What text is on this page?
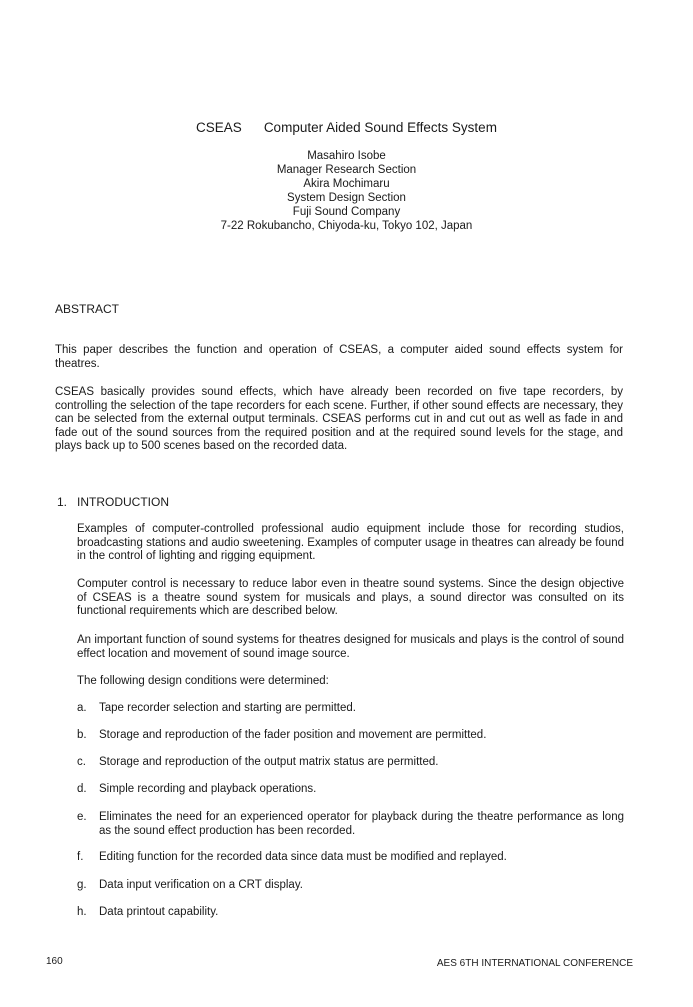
CSEAS Computer Aided Sound Effects System
Masahiro Isobe
Manager Research Section
Akira Mochimaru
System Design Section
Fuji Sound Company
7-22 Rokubancho, Chiyoda-ku, Tokyo 102, Japan
ABSTRACT

This paper describes the function and operation of CSEAS, a computer aided sound effects system for theatres.

CSEAS basically provides sound effects, which have already been recorded on five tape recorders, by controlling the selection of the tape recorders for each scene. Further, if other sound effects are necessary, they can be selected from the external output terminals. CSEAS performs cut in and cut out as well as fade in and fade out of the sound sources from the required position and at the required sound levels for the stage, and plays back up to 500 scenes based on the recorded data.

1. INTRODUCTION

Examples of computer-controlled professional audio equipment include those for recording studios, broadcasting stations and audio sweetening. Examples of computer usage in theatres can already be found in the control of lighting and rigging equipment.

Computer control is necessary to reduce labor even in theatre sound systems. Since the design objective of CSEAS is a theatre sound system for musicals and plays, a sound director was consulted on its functional requirements which are described below.

An important function of sound systems for theatres designed for musicals and plays is the control of sound effect location and movement of sound image source.

The following design conditions were determined:

a. Tape recorder selection and starting are permitted.
b. Storage and reproduction of the fader position and movement are permitted.
c. Storage and reproduction of the output matrix status are permitted.
d. Simple recording and playback operations.
e. Eliminates the need for an experienced operator for playback during the theatre performance as long as the sound effect production has been recorded.
f. Editing function for the recorded data since data must be modified and replayed.
g. Data input verification on a CRT display.
h. Data printout capability.
160	AES 6TH INTERNATIONAL CONFERENCE
